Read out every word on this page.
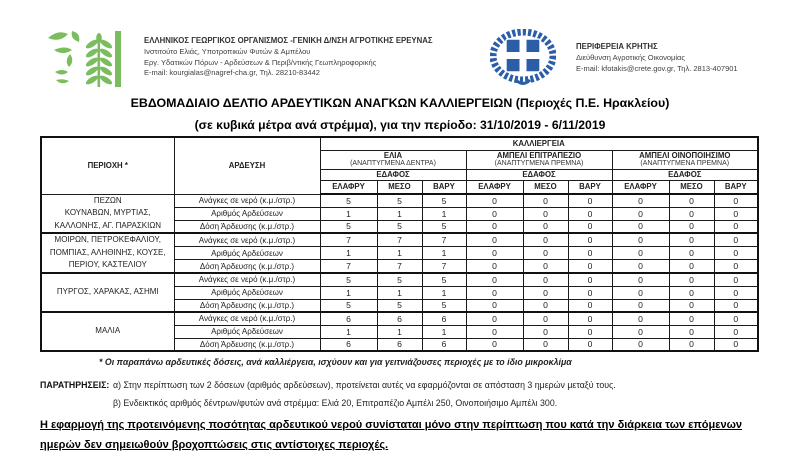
ΕΛΛΗΝΙΚΟΣ ΓΕΩΡΓΙΚΟΣ ΟΡΓΑΝΙΣΜΟΣ -ΓΕΝΙΚΗ Δ/ΝΣΗ ΑΓΡΟΤΙΚΗΣ ΕΡΕΥΝΑΣ
Ινστιτούτο Ελιάς, Υποτροπικών Φυτών & Αμπέλου
Εργ. Υδατικών Πόρων - Αρδεύσεων & Περιβ/ντικής Γεωπληροφορικής
E-mail: kourgialas@nagref-cha.gr, Τηλ. 28210-83442
ΠΕΡΙΦΕΡΕΙΑ ΚΡΗΤΗΣ
Διεύθυνση Αγροτικής Οικονομίας
E-mail: kfotakis@crete.gov.gr, Τηλ. 2813-407901
ΕΒΔΟΜΑΔΙΑΙΟ ΔΕΛΤΙΟ ΑΡΔΕΥΤΙΚΩΝ ΑΝΑΓΚΩΝ ΚΑΛΛΙΕΡΓΕΙΩΝ (Περιοχές Π.Ε. Ηρακλείου)
(σε κυβικά μέτρα ανά στρέμμα), για την περίοδο: 31/10/2019 - 6/11/2019
ΠΕΡΙΟΧΗ *	ΑΡΔΕΥΣΗ	ΚΑΛΛΙΕΡΓΕΙΑ								

ΕΛΙΑ
(ΑΝΑΠΤΥΓΜΕΝΑ ΔΕΝΤΡΑ)

ΑΜΠΕΛΙ ΕΠΙΤΡΑΠΕΖΙΟ
(ΑΝΑΠΤΥΓΜΕΝΑ ΠΡΕΜΝΑ)

ΑΜΠΕΛΙ ΟΙΝΟΠΟΙΗΣΙΜΟ
(ΑΝΑΠΤΥΓΜΕΝΑ ΠΡΕΜΝΑ)

		ΕΔΑΦΟΣ			ΕΔΑΦΟΣ			ΕΔΑΦΟΣ		
		ΕΛΑΦΡΥ	ΜΕΣΟ	ΒΑΡΥ	ΕΛΑΦΡΥ	ΜΕΣΟ	ΒΑΡΥ	ΕΛΑΦΡΥ	ΜΕΣΟ	ΒΑΡΥ

ΠΕΖΩΝ
ΚΟΥΝΑΒΩΝ, ΜΥΡΤΙΑΣ,
ΚΑΛΛΟΝΗΣ, ΑΓ. ΠΑΡΑΣΚΙΩΝ	Ανάγκες σε νερό (κ.μ./στρ.)	5	5	5	0	0	0	0	0	0
	Αριθμός Αρδεύσεων	1	1	1	0	0	0	0	0	0
	Δόση Άρδευσης (κ.μ./στρ.)	5	5	5	0	0	0	0	0	0

ΜΟΙΡΩΝ, ΠΕΤΡΟΚΕΦΑΛΙΟΥ,
ΠΟΜΠΙΑΣ, ΑΛΗΘΙΝΗΣ, ΚΟΥΣΕ,
ΠΕΡΙΟΥ, ΚΑΣΤΕΛΙΟΥ	Ανάγκες σε νερό (κ.μ./στρ.)	7	7	7	0	0	0	0	0	0
	Αριθμός Αρδεύσεων	1	1	1	0	0	0	0	0	0
	Δόση Άρδευσης (κ.μ./στρ.)	7	7	7	0	0	0	0	0	0

ΠΥΡΓΟΣ, ΧΑΡΑΚΑΣ, ΑΣΗΜΙ	Ανάγκες σε νερό (κ.μ./στρ.)	5	5	5	0	0	0	0	0	0
	Αριθμός Αρδεύσεων	1	1	1	0	0	0	0	0	0
	Δόση Άρδευσης (κ.μ./στρ.)	5	5	5	0	0	0	0	0	0

ΜΑΛΙΑ	Ανάγκες σε νερό (κ.μ./στρ.)	6	6	6	0	0	0	0	0	0
	Αριθμός Αρδεύσεων	1	1	1	0	0	0	0	0	0
	Δόση Άρδευσης (κ.μ./στρ.)	6	6	6	0	0	0	0	0	0
* Οι παραπάνω αρδευτικές δόσεις, ανά καλλιέργεια, ισχύουν και για γειτνιάζουσες περιοχές με το ίδιο μικροκλίμα
ΠΑΡΑΤΗΡΗΣΕΙΣ: α) Στην περίπτωση των 2 δόσεων (αριθμός αρδεύσεων), προτείνεται αυτές να εφαρμόζονται σε απόσταση 3 ημερών μεταξύ τους.
β) Ενδεικτικός αριθμός δέντρων/φυτών ανά στρέμμα: Ελιά 20, Επιτραπέζιο Αμπέλι 250, Οινοποιήσιμο Αμπέλι 300.
Η εφαρμογή της προτεινόμενης ποσότητας αρδευτικού νερού συνίσταται μόνο στην περίπτωση που κατά την διάρκεια των επόμενων ημερών δεν σημειωθούν βροχοπτώσεις στις αντίστοιχες περιοχές.
